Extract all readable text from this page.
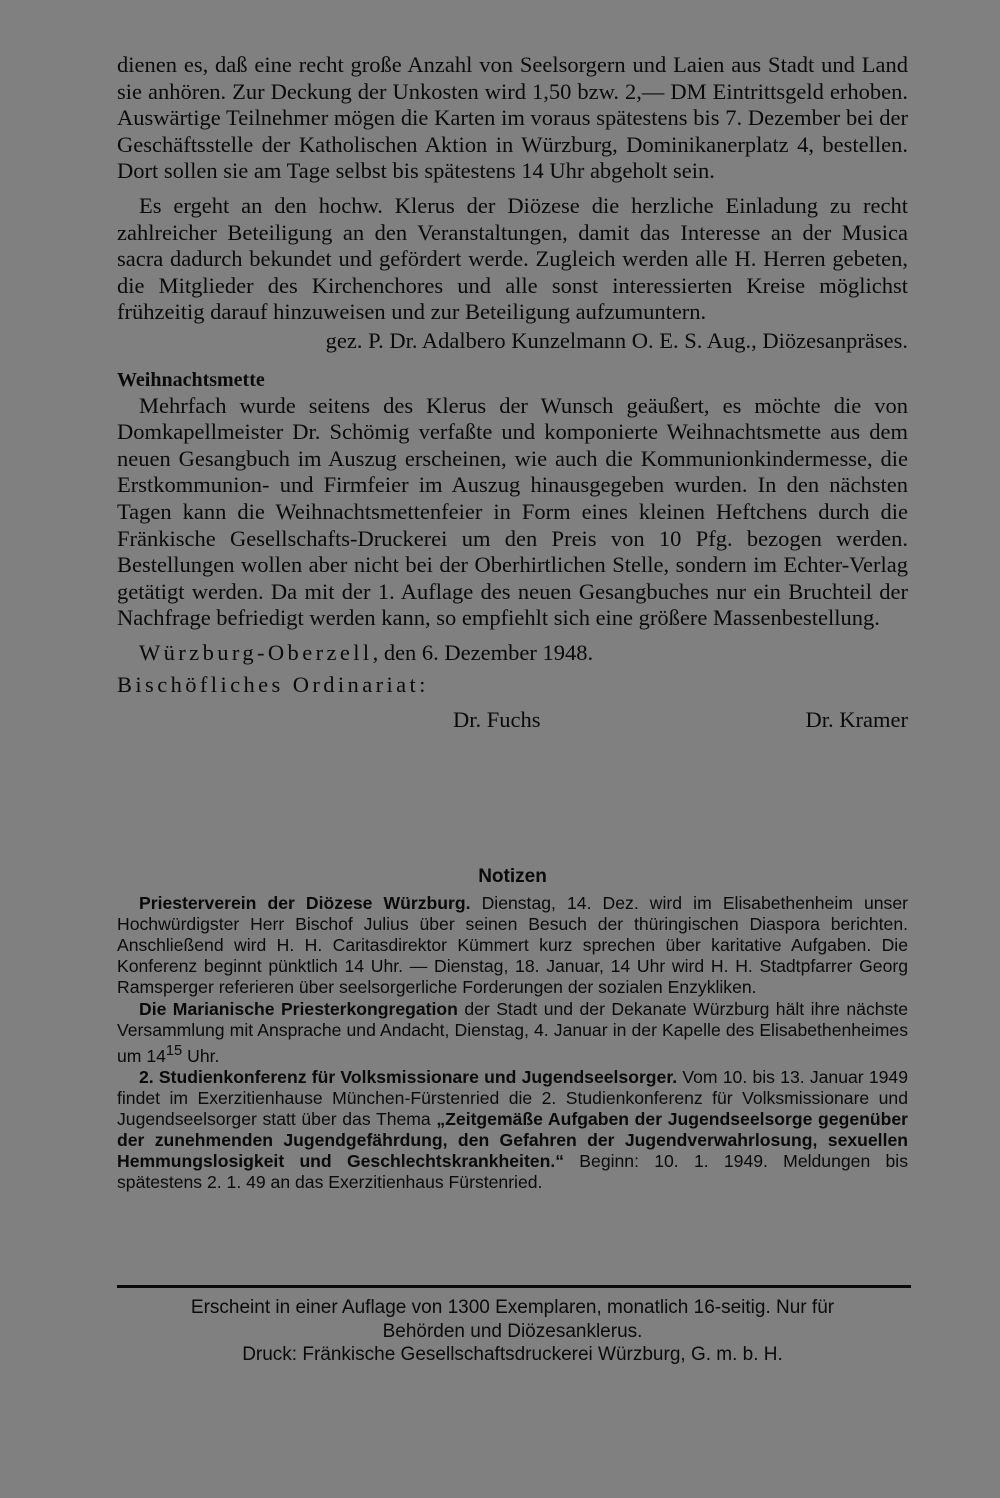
dienen es, daß eine recht große Anzahl von Seelsorgern und Laien aus Stadt und Land sie anhören. Zur Deckung der Unkosten wird 1,50 bzw. 2,— DM Eintrittsgeld erhoben. Auswärtige Teilnehmer mögen die Karten im voraus spätestens bis 7. Dezember bei der Geschäftsstelle der Katholischen Aktion in Würzburg, Dominikanerplatz 4, bestellen. Dort sollen sie am Tage selbst bis spätestens 14 Uhr abgeholt sein.

Es ergeht an den hochw. Klerus der Diözese die herzliche Einladung zu recht zahlreicher Beteiligung an den Veranstaltungen, damit das Interesse an der Musica sacra dadurch bekundet und gefördert werde. Zugleich werden alle H. Herren gebeten, die Mitglieder des Kirchenchores und alle sonst interessierten Kreise möglichst frühzeitig darauf hinzuweisen und zur Beteiligung aufzumuntern.

gez. P. Dr. Adalbero Kunzelmann O. E. S. Aug., Diözesanpräses.

Weihnachtsmette

Mehrfach wurde seitens des Klerus der Wunsch geäußert, es möchte die von Domkapellmeister Dr. Schömig verfaßte und komponierte Weihnachtsmette aus dem neuen Gesangbuch im Auszug erscheinen, wie auch die Kommunionkindermesse, die Erstkommunion- und Firmfeier im Auszug hinausgegeben wurden. In den nächsten Tagen kann die Weihnachtsmettenfeier in Form eines kleinen Heftchens durch die Fränkische Gesellschafts-Druckerei um den Preis von 10 Pfg. bezogen werden. Bestellungen wollen aber nicht bei der Oberhirtlichen Stelle, sondern im Echter-Verlag getätigt werden. Da mit der 1. Auflage des neuen Gesangbuches nur ein Bruchteil der Nachfrage befriedigt werden kann, so empfiehlt sich eine größere Massenbestellung.

Würzburg-Oberzell, den 6. Dezember 1948.

Bischöfliches Ordinariat:

Dr. Fuchs	Dr. Kramer
Notizen

Priesterverein der Diözese Würzburg. Dienstag, 14. Dez. wird im Elisabethenheim unser Hochwürdigster Herr Bischof Julius über seinen Besuch der thüringischen Diaspora berichten. Anschließend wird H. H. Caritasdirektor Kümmert kurz sprechen über karitative Aufgaben. Die Konferenz beginnt pünktlich 14 Uhr. — Dienstag, 18. Januar, 14 Uhr wird H. H. Stadtpfarrer Georg Ramsperger referieren über seelsorgerliche Forderungen der sozialen Enzykliken.

Die Marianische Priesterkongregation der Stadt und der Dekanate Würzburg hält ihre nächste Versammlung mit Ansprache und Andacht, Dienstag, 4. Januar in der Kapelle des Elisabethenheimes um $14^{15}$ Uhr.

2. Studienkonferenz für Volksmissionare und Jugendseelsorger. Vom 10. bis 13. Januar 1949 findet im Exerzitienhause München-Fürstenried die 2. Studienkonferenz für Volksmissionare und Jugendseelsorger statt über das Thema „Zeitgemäße Aufgaben der Jugendseelsorge gegenüber der zunehmenden Jugendgefährdung, den Gefahren der Jugendverwahrlosung, sexuellen Hemmungslosigkeit und Geschlechtskrankheiten.“ Beginn: 10. 1. 1949. Meldungen bis spätestens 2. 1. 49 an das Exerzitienhaus Fürstenried.

Erscheint in einer Auflage von 1300 Exemplaren, monatlich 16-seitig. Nur für

Behörden und Diözesanklerus.

Druck: Fränkische Gesellschaftsdruckerei Würzburg, G. m. b. H.
